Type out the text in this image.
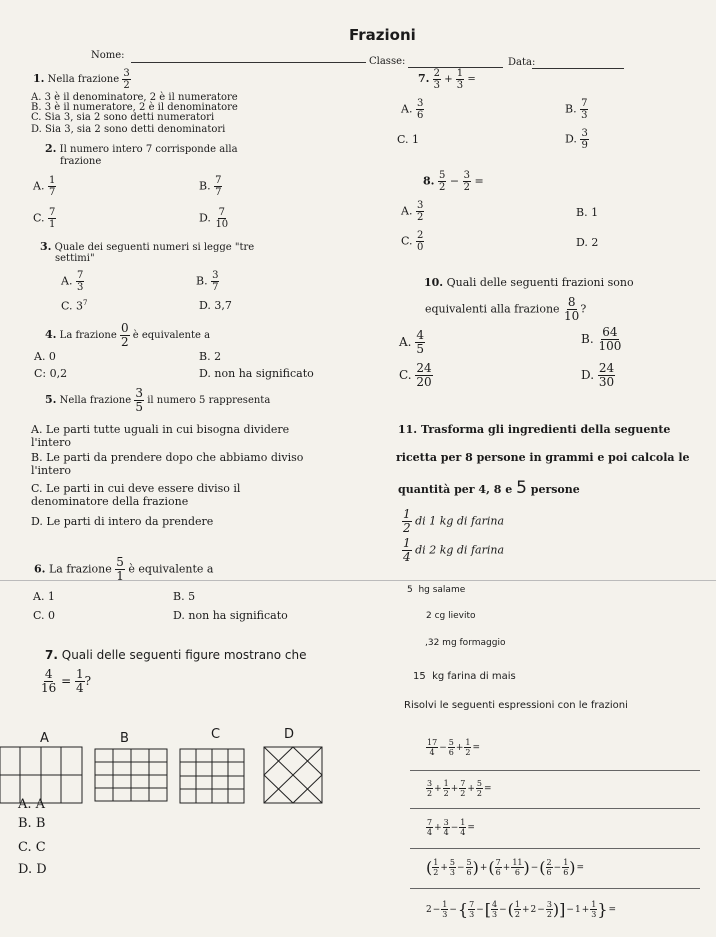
Frazioni
Nome:
Classe:	Data:
1. Nella frazione $\frac{3}{2}$
A. 3 è il denominatore, 2 è il numeratore
B. 3 è il numeratore, 2 è il denominatore
C. Sia 3, sia 2 sono detti numeratori
D. Sia 3, sia 2 sono detti denominatori
2. Il numero intero 7 corrisponde alla
frazione
A. $\frac{1}{7}$	B. $\frac{7}{7}$
C. $\frac{7}{1}$	D. $\frac{7}{10}$
3. Quale dei seguenti numeri si legge "tre
settimi"
A. $\frac{7}{3}$	B. $\frac{3}{7}$
C. $3^7$	D. 3,7
4. La frazione $\frac{0}{2}$ è equivalente a
A. 0	B. 2
C: 0,2	D. non ha significato
5. Nella frazione $\frac{3}{5}$ il numero 5 rappresenta
A. Le parti tutte uguali in cui bisogna dividere
l'intero
B. Le parti da prendere dopo che abbiamo diviso
l'intero
C. Le parti in cui deve essere diviso il
denominatore della frazione
D. Le parti di intero da prendere
6. La frazione $\frac{5}{1}$ è equivalente a
A. 1	B. 5
C. 0	D. non ha significato
7. Quali delle seguenti figure mostrano che
$\frac{4}{16} = \frac{1}{4}$ ?
A	B	C	D
A. A
B. B
C. C
D. D
7. $\frac{2}{3} + \frac{1}{3}$ =
A. $\frac{3}{6}$	B. $\frac{7}{3}$
C. 1	D. $\frac{3}{9}$
8. $\frac{5}{2} - \frac{3}{2}$ =
A. $\frac{3}{2}$	B. 1
C. $\frac{2}{0}$	D. 2
10. Quali delle seguenti frazioni sono
equivalenti alla frazione $\frac{8}{10}$ ?
A. $\frac{4}{5}$	B. $\frac{64}{100}$
C. $\frac{24}{20}$	D. $\frac{24}{30}$
11. Trasforma gli ingredienti della seguente
ricetta per 8 persone in grammi e poi calcola le
quantità per 4, 8 e 5 persone
$\frac{1}{2}$ di 1 kg di farina
$\frac{1}{4}$ di 2 kg di farina
5  hg salame
2 cg lievito
,32 mg formaggio
15  kg farina di mais
Risolvi le seguenti espressioni con le frazioni
$\frac{17}{4} - \frac{5}{6} + \frac{1}{2}$ =
$\frac{3}{2} + \frac{1}{2} + \frac{7}{2} + \frac{5}{2}$ =
$\frac{7}{4} + \frac{3}{4} - \frac{1}{4}$ =
( $\frac{1}{2} + \frac{5}{3} - \frac{5}{6}$ )+( $\frac{7}{6} + \frac{11}{6}$ )−( $\frac{2}{6} - \frac{1}{6}$ )=
$2- \frac{1}{3}$ −{ $\frac{7}{3}$ −[ $\frac{4}{3}$ −( $\frac{1}{2} +2- \frac{3}{2} )]-1+ \frac{1}{3}$ }=
